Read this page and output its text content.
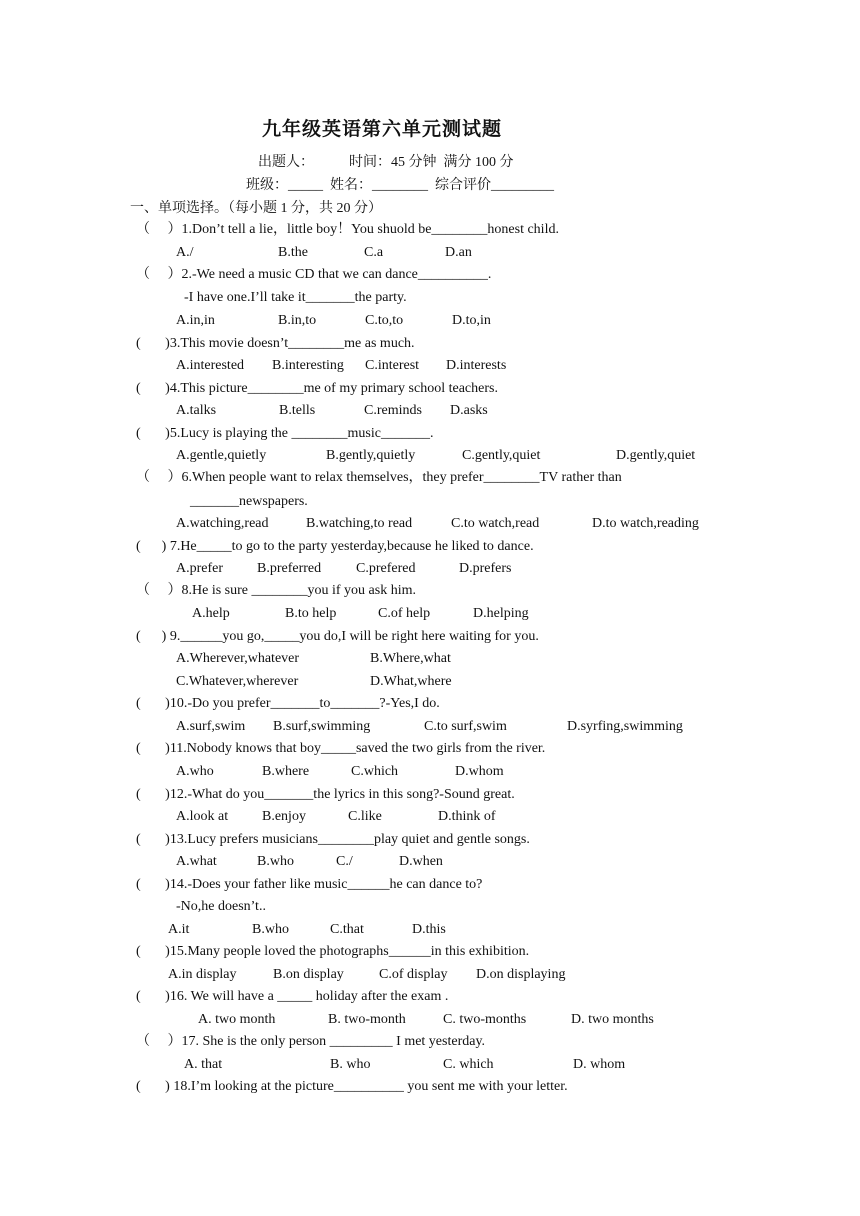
九年级英语第六单元测试题
出题人：          时间：45 分钟  满分 100 分
班级：_____  姓名：________  综合评价_________
一、单项选择。（每小题 1 分，共 20 分）
（     ）1.Don’t tell a lie，little boy！You shuold be________honest child.
A./	B.the	C.a	D.an
（     ）2.-We need a music CD that we can dance__________.
-I have one.I’ll take it_______the party.
A.in,in	B.in,to	C.to,to	D.to,in
(       )3.This movie doesn’t________me as much.
A.interested B.interesting C.interest D.interests
(       )4.This picture________me of my primary school teachers.
A.talks	B.tells	C.reminds D.asks
(       )5.Lucy is playing the ________music_______.
A.gentle,quietly	B.gently,quietly	C.gently,quiet	D.gently,quiet
（     ）6.When people want to relax themselves，they prefer________TV rather than
_______newspapers.
A.watching,read	B.watching,to read	C.to watch,read	D.to watch,reading
(      ) 7.He_____to go to the party yesterday,because he liked to dance.
A.prefer B.preferred C.prefered	D.prefers
（     ）8.He is sure ________you if you ask him.
A.help	B.to help	C.of help	D.helping
(      ) 9.______you go,_____you do,I will be right here waiting for you.
A.Wherever,whatever	B.Where,what
C.Whatever,wherever	D.What,where
(       )10.-Do you prefer_______to_______?-Yes,I do.
A.surf,swim B.surf,swimming	C.to surf,swim	D.syrfing,swimming
(       )11.Nobody knows that boy_____saved the two girls from the river.
A.who	B.where	C.which	D.whom
(       )12.-What do you_______the lyrics in this song?-Sound great.
A.look at B.enjoy	C.like	D.think of
(       )13.Lucy prefers musicians________play quiet and gentle songs.
A.what	B.who	C./	D.when
(       )14.-Does your father like music______he can dance to?
-No,he doesn’t..
A.it	B.who	C.that	D.this
(       )15.Many people loved the photographs______in this exhibition.
A.in display	B.on display	C.of display D.on displaying
(       )16. We will have a _____ holiday after the exam .
A. two month	B. two-month	C. two-months	D. two months
（     ）17. She is the only person _________ I met yesterday.
A. that	B. who	C. which	D. whom
(       ) 18.I’m looking at the picture__________ you sent me with your letter.
